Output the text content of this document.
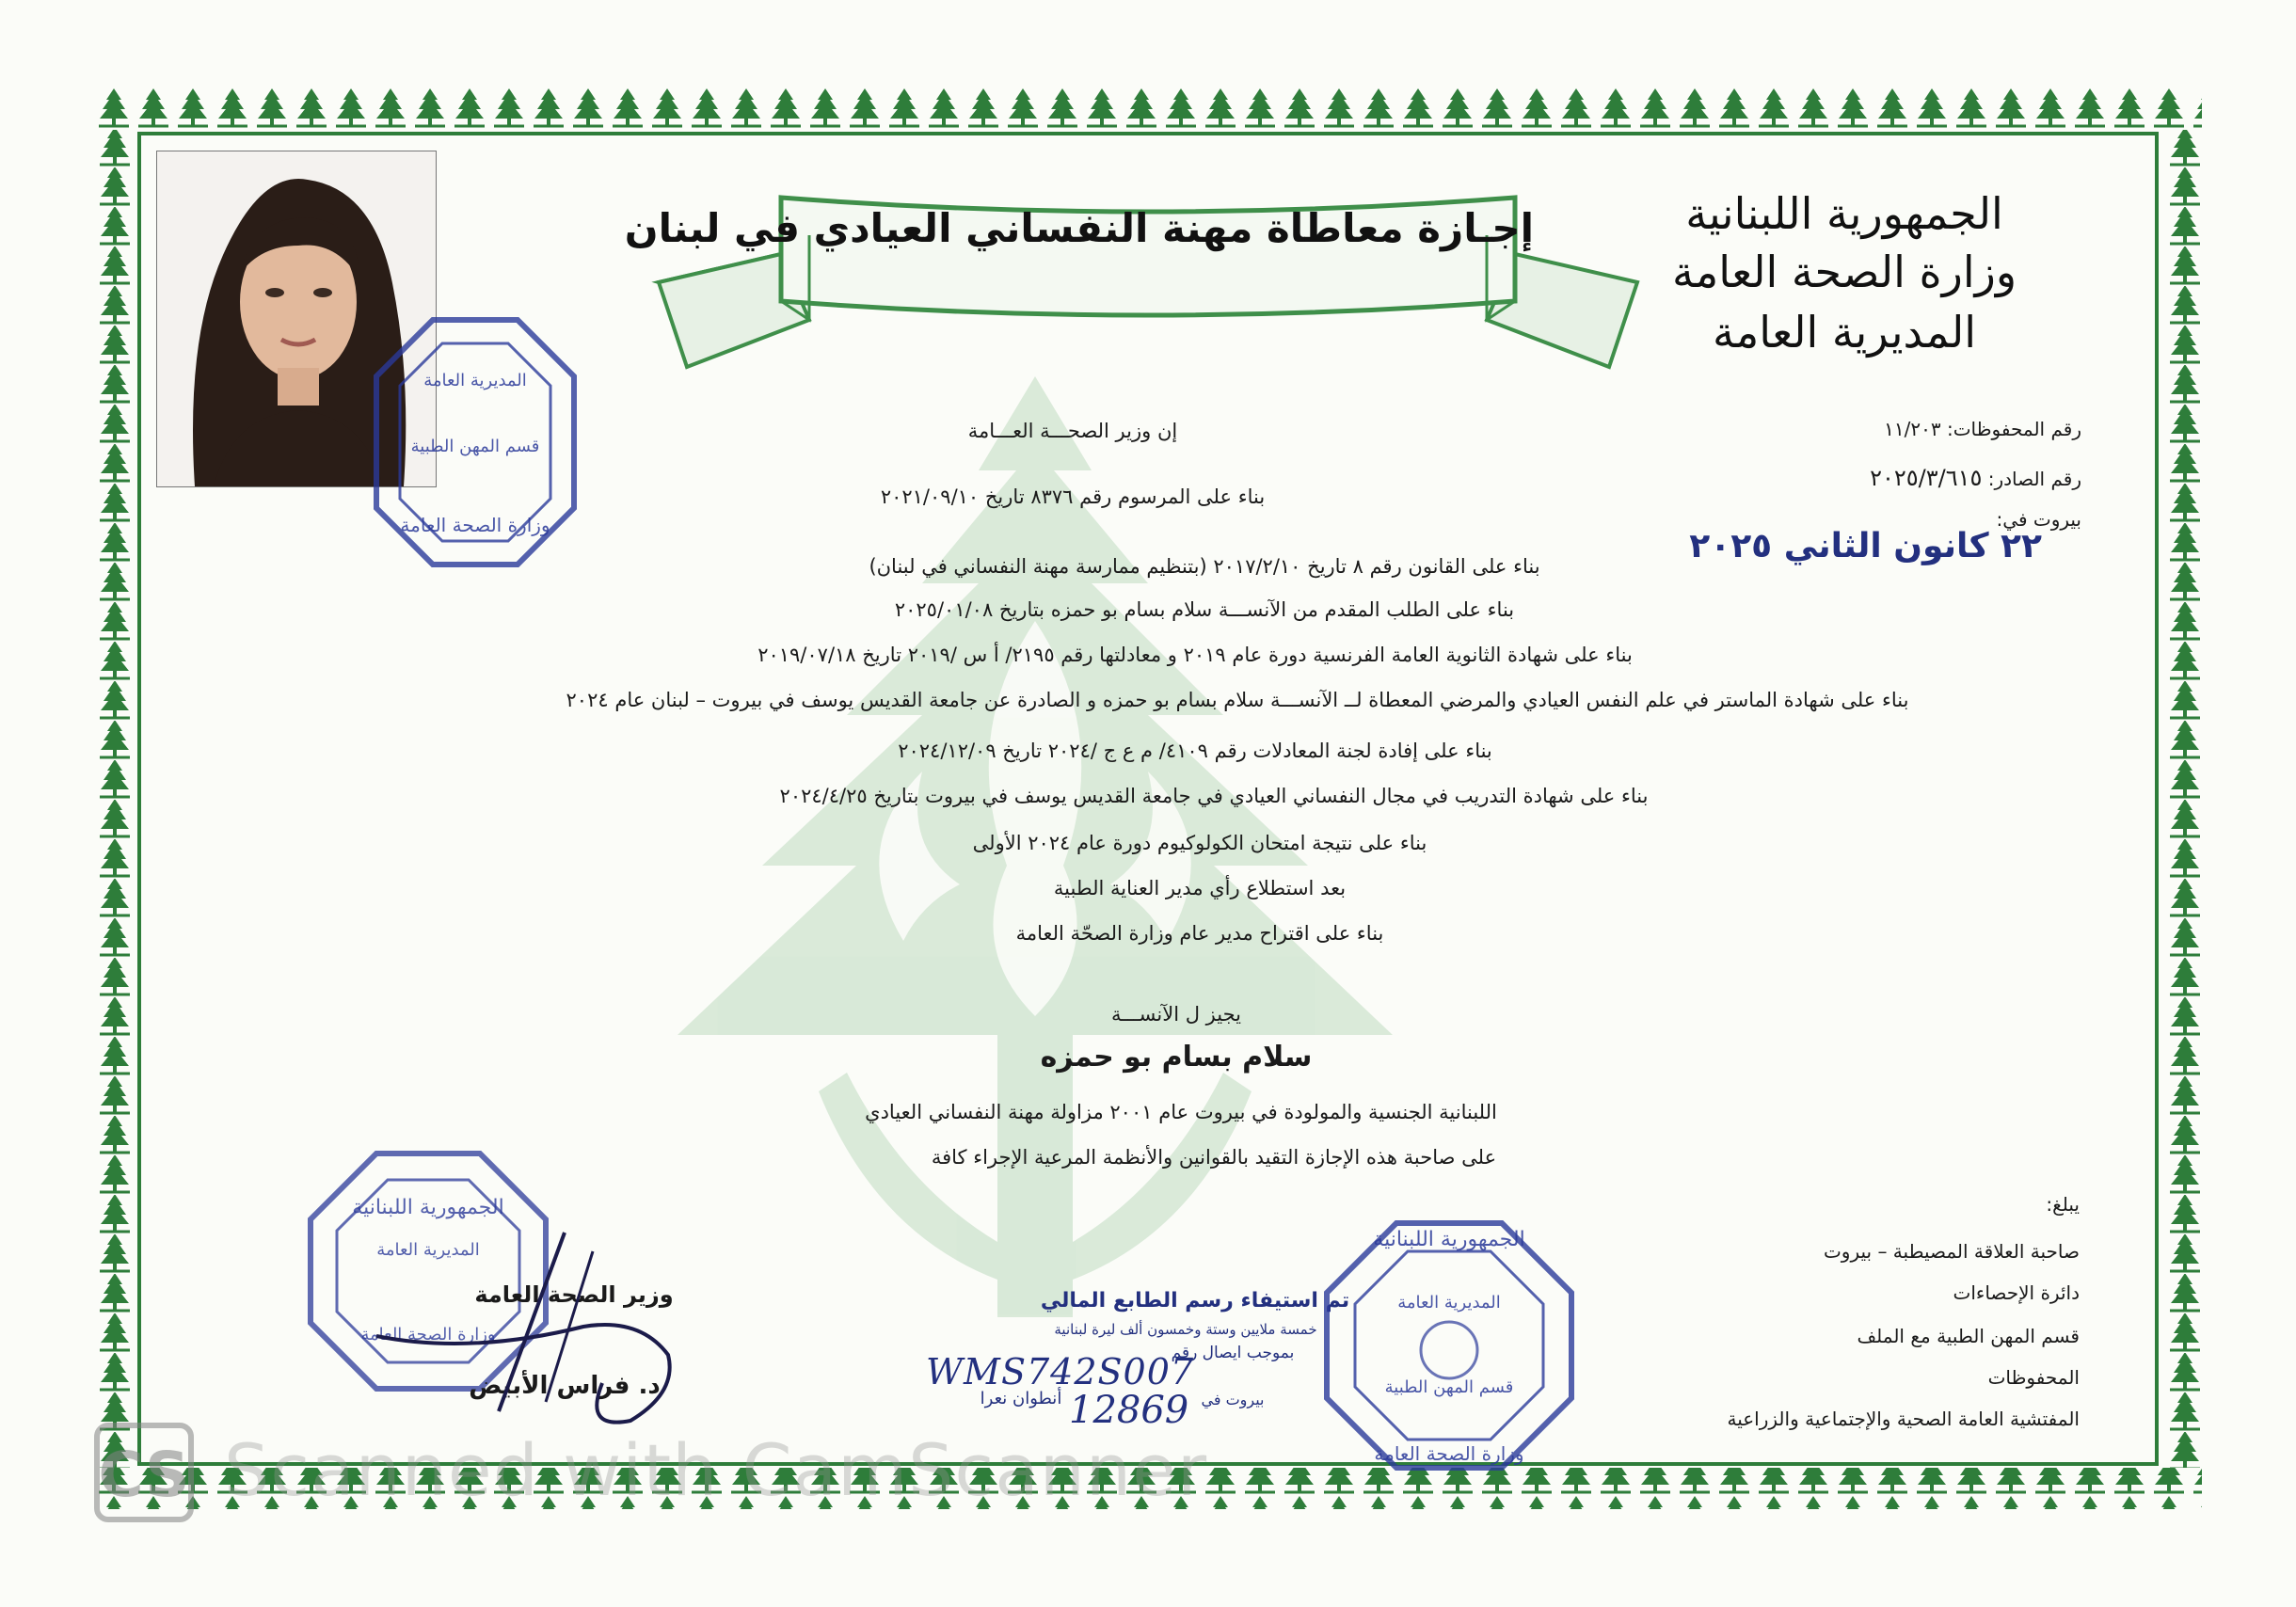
الجمهورية اللبنانية
وزارة الصحة العامة
المديرية العامة
إجـازة معاطاة مهنة النفساني العيادي في لبنان
المديرية العامة
قسم المهن الطبية
وزارة الصحة العامة
رقم المحفوظات: ١١/٢٠٣
رقم الصادر: ٢٠٢٥/٣/٦١٥
بيروت في:
٢٢ كانون الثاني ٢٠٢٥
إن وزير الصحـــة العـــامة
بناء على المرسوم رقم ٨٣٧٦ تاريخ ٢٠٢١/٠٩/١٠
بناء على القانون رقم ٨ تاريخ ٢٠١٧/٢/١٠ (بتنظيم ممارسة مهنة النفساني في لبنان)
بناء على الطلب المقدم من الآنســـة سلام بسام بو حمزه بتاريخ ٢٠٢٥/٠١/٠٨
بناء على شهادة الثانوية العامة الفرنسية دورة عام ٢٠١٩ و معادلتها رقم ٢١٩٥/ أ س /٢٠١٩ تاريخ ٢٠١٩/٠٧/١٨
بناء على شهادة الماستر في علم النفس العيادي والمرضي المعطاة لــ الآنســـة سلام بسام بو حمزه و الصادرة عن جامعة القديس يوسف في بيروت – لبنان عام ٢٠٢٤
بناء على إفادة لجنة المعادلات رقم ٤١٠٩/ م ع ج /٢٠٢٤ تاريخ ٢٠٢٤/١٢/٠٩
بناء على شهادة التدريب في مجال النفساني العيادي في جامعة القديس يوسف في بيروت بتاريخ ٢٠٢٤/٤/٢٥
بناء على نتيجة امتحان الكولوكيوم دورة عام ٢٠٢٤ الأولى
بعد استطلاع رأي مدير العناية الطبية
بناء على اقتراح مدير عام وزارة الصحّة العامة
يجيز ل الآنســـة
سلام بسام بو حمزه
اللبنانية الجنسية والمولودة في بيروت عام ٢٠٠١ مزاولة مهنة النفساني العيادي
على صاحبة هذه الإجازة التقيد بالقوانين والأنظمة المرعية الإجراء كافة
يبلغ:
صاحبة العلاقة المصيطبة – بيروت
دائرة الإحصاءات
قسم المهن الطبية مع الملف
المحفوظات
المفتشية العامة الصحية والإجتماعية والزراعية
الجمهورية اللبنانية
المديرية العامة
وزارة الصحة العامة
وزير الصحة العامة
د. فراس الأبيض
تم استيفاء رسم الطابع المالي
خمسة ملايين وستة وخمسون ألف ليرة لبنانية
بموجب ايصال رقم
WMS742S007
بيروت في
أنطوان نعرا 12869
الجمهورية اللبنانية
المديرية العامة
قسم المهن الطبية
وزارة الصحة العامة
CS Scanned with CamScanner
